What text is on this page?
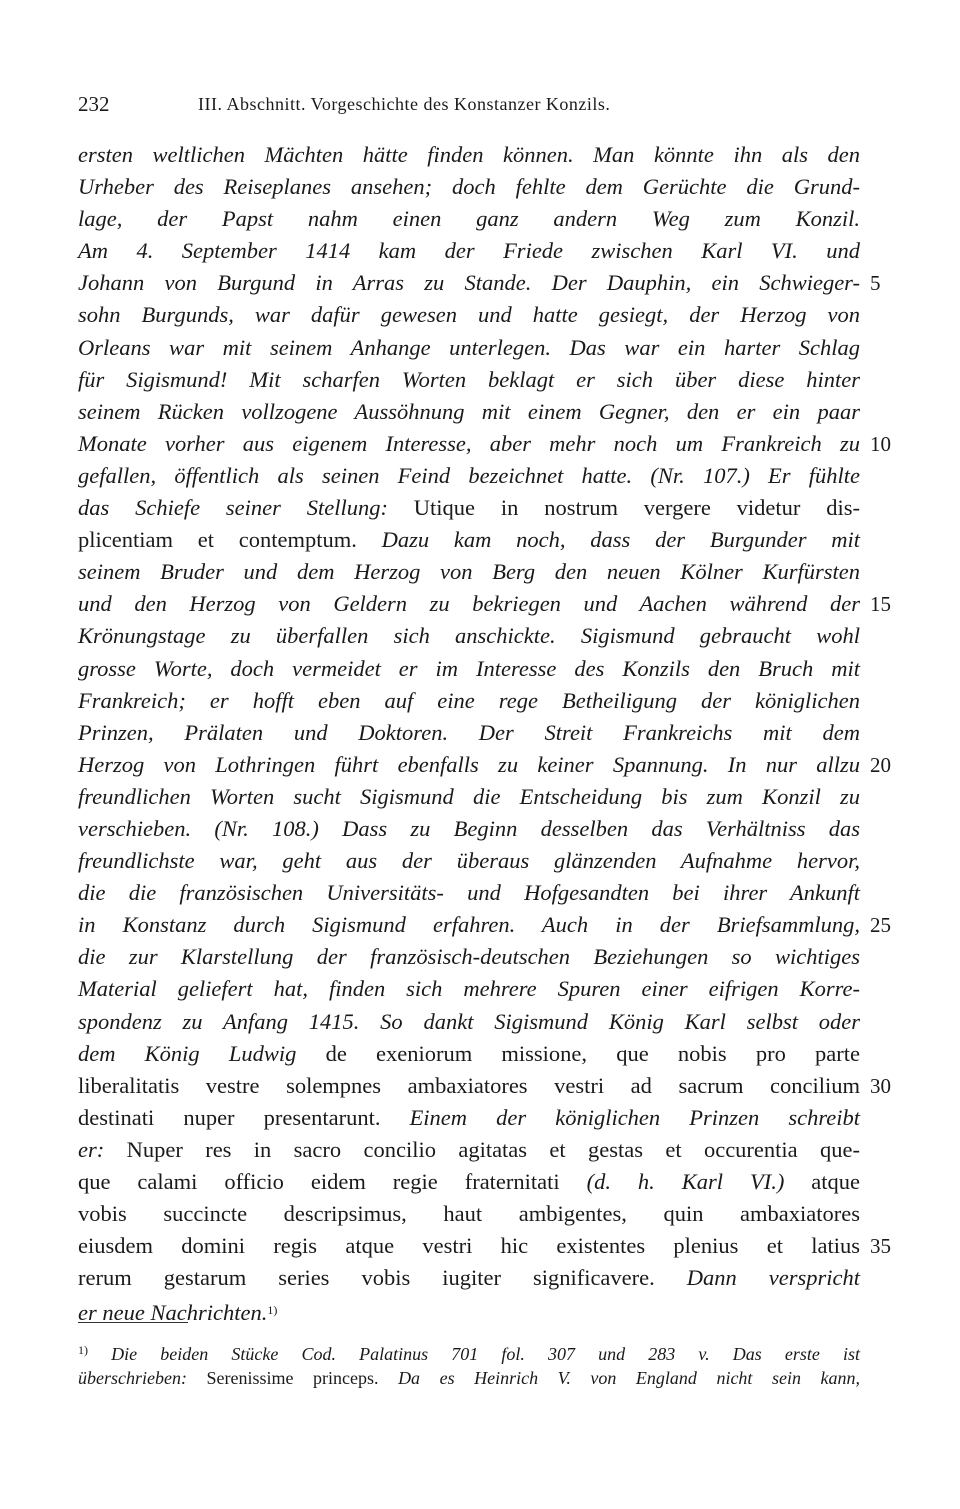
232	III. Abschnitt. Vorgeschichte des Konstanzer Konzils.
ersten weltlichen Mächten hätte finden können. Man könnte ihn als den
Urheber des Reiseplanes ansehen; doch fehlte dem Gerüchte die Grund-
lage, der Papst nahm einen ganz andern Weg zum Konzil.
Am 4. September 1414 kam der Friede zwischen Karl VI. und
Johann von Burgund in Arras zu Stande. Der Dauphin, ein Schwieger- 5
sohn Burgunds, war dafür gewesen und hatte gesiegt, der Herzog von
Orleans war mit seinem Anhange unterlegen. Das war ein harter Schlag
für Sigismund! Mit scharfen Worten beklagt er sich über diese hinter
seinem Rücken vollzogene Aussöhnung mit einem Gegner, den er ein paar
Monate vorher aus eigenem Interesse, aber mehr noch um Frankreich zu 10
gefallen, öffentlich als seinen Feind bezeichnet hatte. (Nr. 107.) Er fühlte
das Schiefe seiner Stellung: Utique in nostrum vergere videtur dis-
plicentiam et contemptum. Dazu kam noch, dass der Burgunder mit
seinem Bruder und dem Herzog von Berg den neuen Kölner Kurfürsten
und den Herzog von Geldern zu bekriegen und Aachen während der 15
Krönungstage zu überfallen sich anschickte. Sigismund gebraucht wohl
grosse Worte, doch vermeidet er im Interesse des Konzils den Bruch mit
Frankreich; er hofft eben auf eine rege Betheiligung der königlichen
Prinzen, Prälaten und Doktoren. Der Streit Frankreichs mit dem
Herzog von Lothringen führt ebenfalls zu keiner Spannung. In nur allzu 20
freundlichen Worten sucht Sigismund die Entscheidung bis zum Konzil zu
verschieben. (Nr. 108.) Dass zu Beginn desselben das Verhältniss das
freundlichste war, geht aus der überaus glänzenden Aufnahme hervor,
die die französischen Universitäts- und Hofgesandten bei ihrer Ankunft
in Konstanz durch Sigismund erfahren. Auch in der Briefsammlung, 25
die zur Klarstellung der französisch-deutschen Beziehungen so wichtiges
Material geliefert hat, finden sich mehrere Spuren einer eifrigen Korre-
spondenz zu Anfang 1415. So dankt Sigismund König Karl selbst oder
dem König Ludwig de exeniorum missione, que nobis pro parte
liberalitatis vestre solempnes ambaxiatores vestri ad sacrum concilium 30
destinati nuper presentarunt. Einem der königlichen Prinzen schreibt
er: Nuper res in sacro concilio agitatas et gestas et occurentia que-
que calami officio eidem regie fraternitati (d. h. Karl VI.) atque
vobis succincte descripsimus, haut ambigentes, quin ambaxiatores
eiusdem domini regis atque vestri hic existentes plenius et latius 35
rerum gestarum series vobis iugiter significavere. Dann verspricht
er neue Nachrichten.$^{1)}$
$^{1)}$ Die beiden Stücke Cod. Palatinus 701 fol. 307 und 283 v. Das erste ist
überschrieben: Serenissime princeps. Da es Heinrich V. von England nicht sein kann,
